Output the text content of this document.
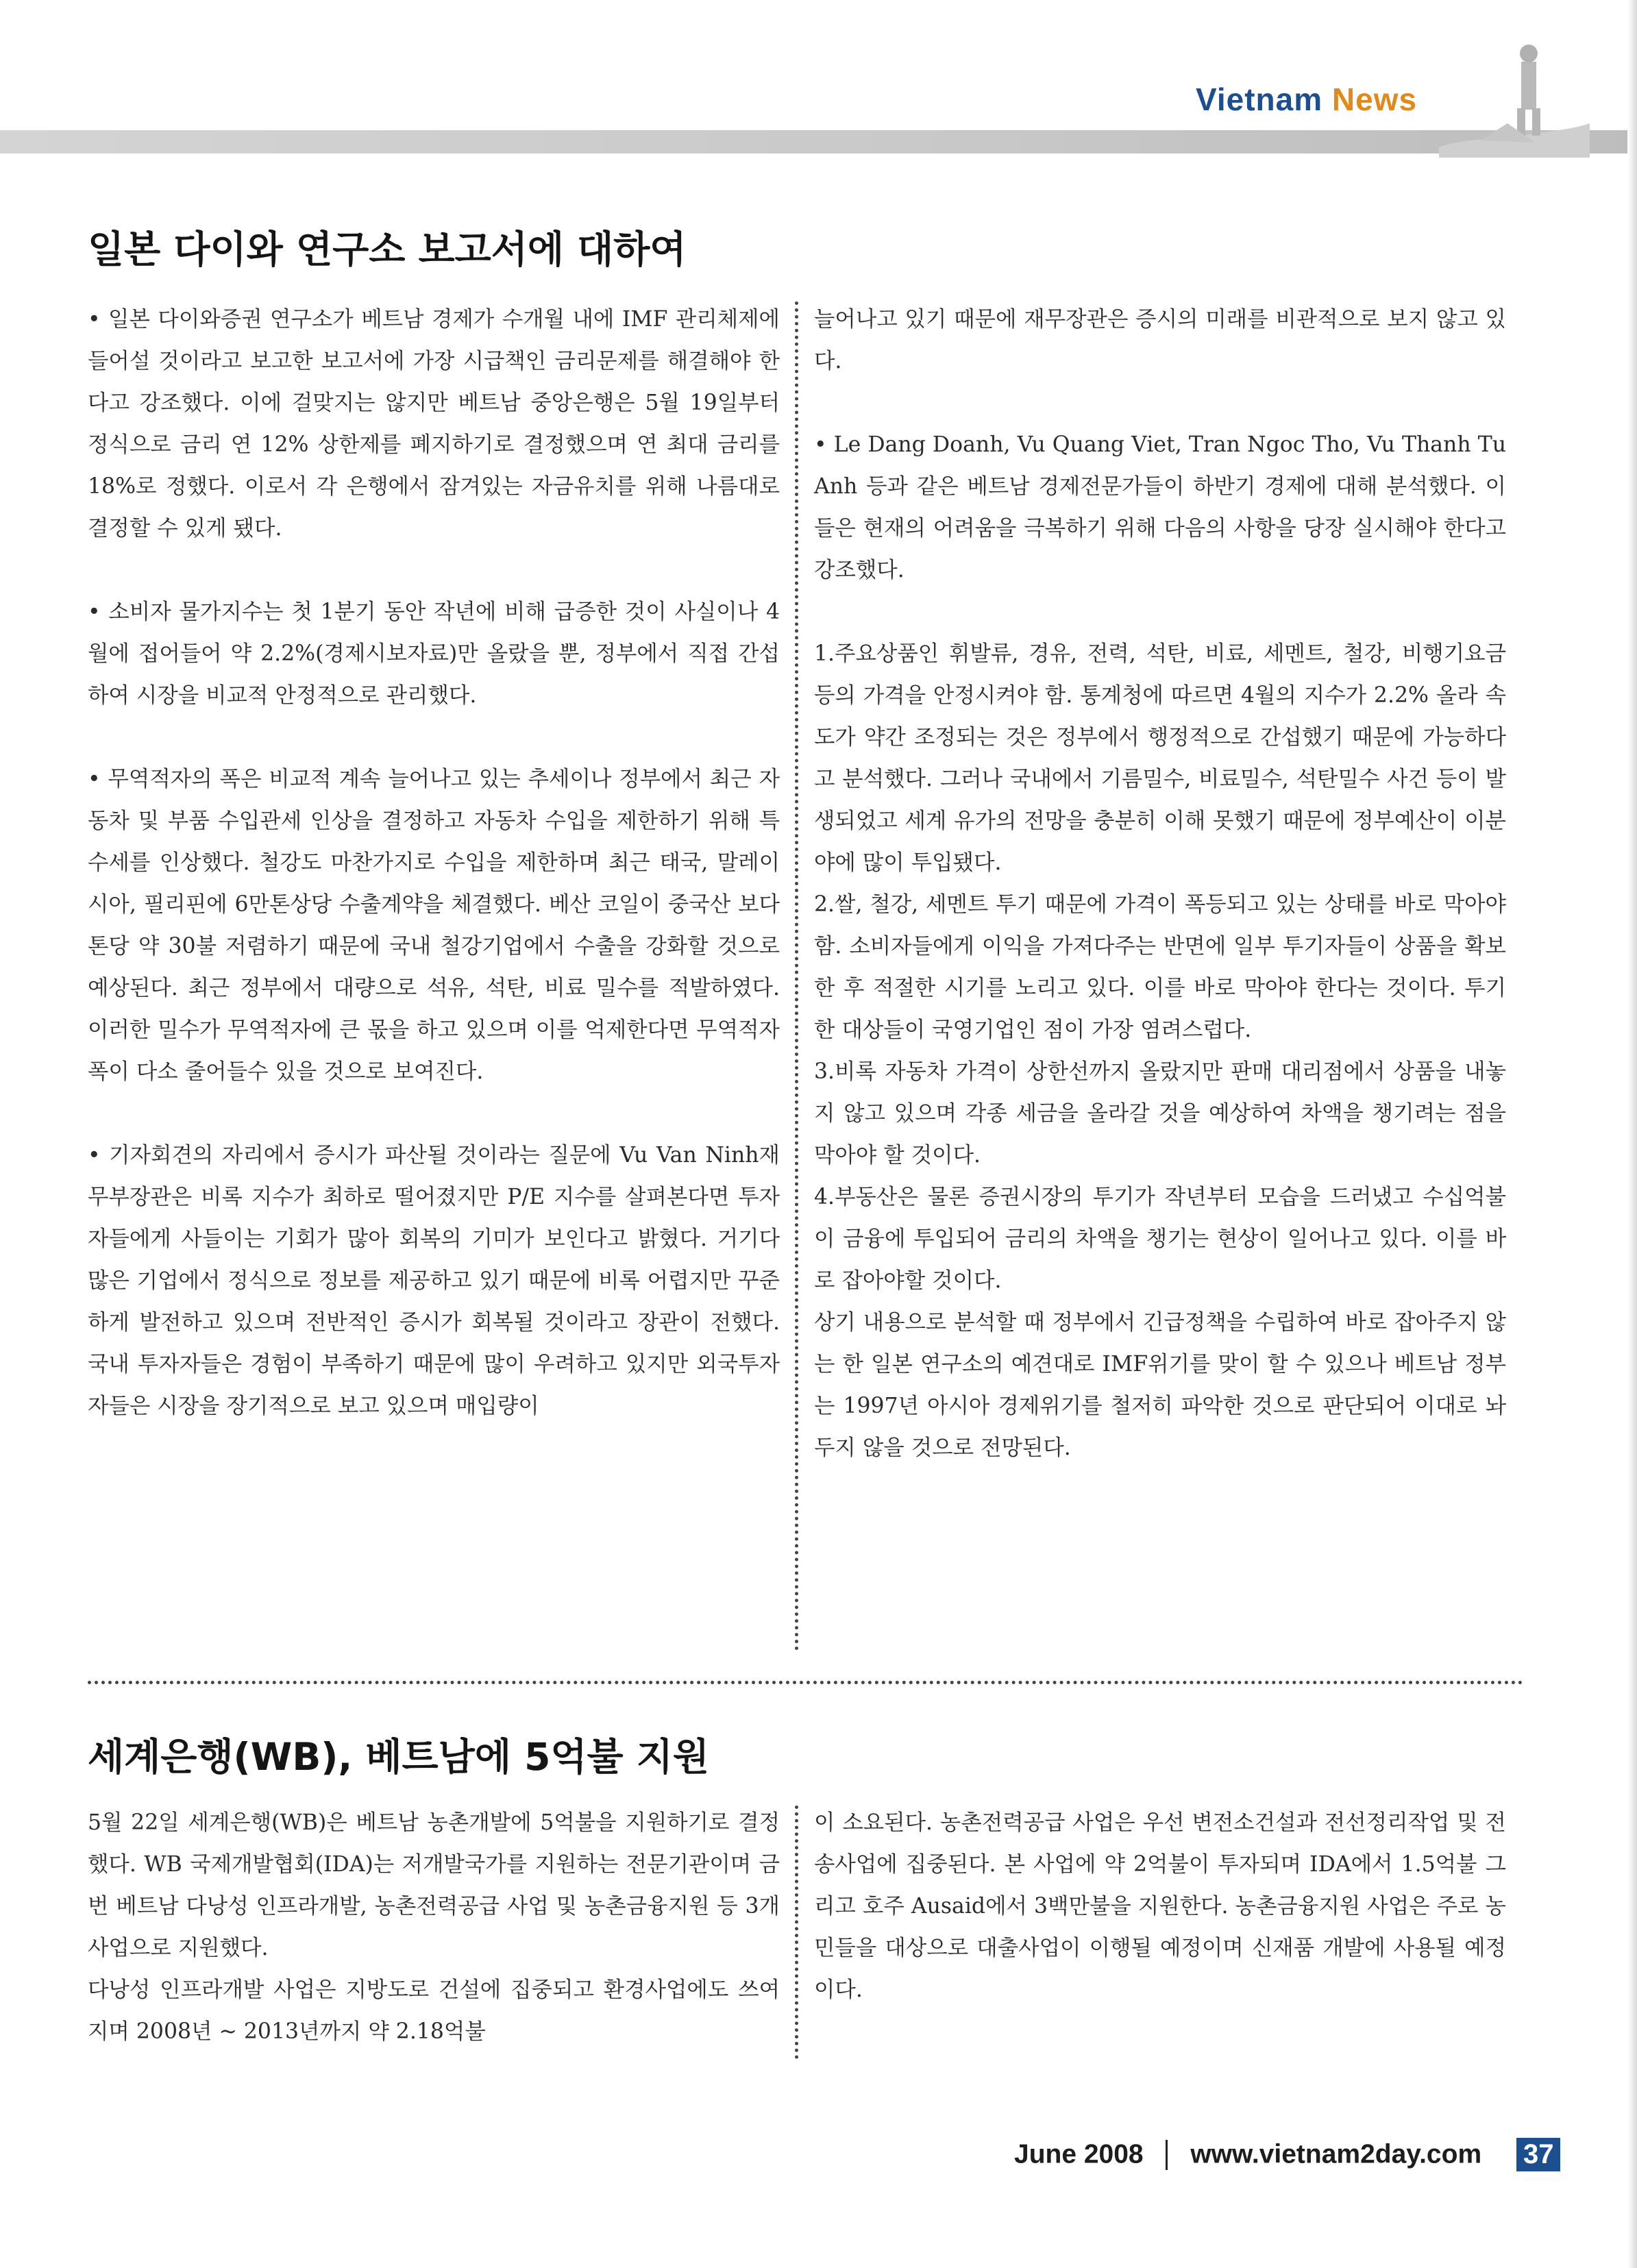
Vietnam News
일본 다이와 연구소 보고서에 대하여

• 일본 다이와증권 연구소가 베트남 경제가 수개월 내에 IMF 관리체제에 들어설 것이라고 보고한 보고서에 가장 시급책인 금리문제를 해결해야 한다고 강조했다. 이에 걸맞지는 않지만 베트남 중앙은행은 5월 19일부터 정식으로 금리 연 12% 상한제를 폐지하기로 결정했으며 연 최대 금리를 18%로 정했다. 이로서 각 은행에서 잠겨있는 자금유치를 위해 나름대로 결정할 수 있게 됐다.

• 소비자 물가지수는 첫 1분기 동안 작년에 비해 급증한 것이 사실이나 4월에 접어들어 약 2.2%(경제시보자료)만 올랐을 뿐, 정부에서 직접 간섭하여 시장을 비교적 안정적으로 관리했다.

• 무역적자의 폭은 비교적 계속 늘어나고 있는 추세이나 정부에서 최근 자동차 및 부품 수입관세 인상을 결정하고 자동차 수입을 제한하기 위해 특수세를 인상했다. 철강도 마찬가지로 수입을 제한하며 최근 태국, 말레이시아, 필리핀에 6만톤상당 수출계약을 체결했다. 베산 코일이 중국산 보다 톤당 약 30불 저렴하기 때문에 국내 철강기업에서 수출을 강화할 것으로 예상된다. 최근 정부에서 대량으로 석유, 석탄, 비료 밀수를 적발하였다. 이러한 밀수가 무역적자에 큰 몫을 하고 있으며 이를 억제한다면 무역적자 폭이 다소 줄어들수 있을 것으로 보여진다.

• 기자회견의 자리에서 증시가 파산될 것이라는 질문에 Vu Van Ninh재무부장관은 비록 지수가 최하로 떨어졌지만 P/E 지수를 살펴본다면 투자자들에게 사들이는 기회가 많아 회복의 기미가 보인다고 밝혔다. 거기다 많은 기업에서 정식으로 정보를 제공하고 있기 때문에 비록 어렵지만 꾸준하게 발전하고 있으며 전반적인 증시가 회복될 것이라고 장관이 전했다. 국내 투자자들은 경험이 부족하기 때문에 많이 우려하고 있지만 외국투자자들은 시장을 장기적으로 보고 있으며 매입량이

늘어나고 있기 때문에 재무장관은 증시의 미래를 비관적으로 보지 않고 있다.

• Le Dang Doanh, Vu Quang Viet, Tran Ngoc Tho, Vu Thanh Tu Anh 등과 같은 베트남 경제전문가들이 하반기 경제에 대해 분석했다. 이들은 현재의 어려움을 극복하기 위해 다음의 사항을 당장 실시해야 한다고 강조했다.

1.주요상품인 휘발류, 경유, 전력, 석탄, 비료, 세멘트, 철강, 비행기요금 등의 가격을 안정시켜야 함. 통계청에 따르면 4월의 지수가 2.2% 올라 속도가 약간 조정되는 것은 정부에서 행정적으로 간섭했기 때문에 가능하다고 분석했다. 그러나 국내에서 기름밀수, 비료밀수, 석탄밀수 사건 등이 발생되었고 세계 유가의 전망을 충분히 이해 못했기 때문에 정부예산이 이분야에 많이 투입됐다.

2.쌀, 철강, 세멘트 투기 때문에 가격이 폭등되고 있는 상태를 바로 막아야 함. 소비자들에게 이익을 가져다주는 반면에 일부 투기자들이 상품을 확보한 후 적절한 시기를 노리고 있다. 이를 바로 막아야 한다는 것이다. 투기한 대상들이 국영기업인 점이 가장 염려스럽다.

3.비록 자동차 가격이 상한선까지 올랐지만 판매 대리점에서 상품을 내놓지 않고 있으며 각종 세금을 올라갈 것을 예상하여 차액을 챙기려는 점을 막아야 할 것이다.

4.부동산은 물론 증권시장의 투기가 작년부터 모습을 드러냈고 수십억불이 금융에 투입되어 금리의 차액을 챙기는 현상이 일어나고 있다. 이를 바로 잡아야할 것이다.

상기 내용으로 분석할 때 정부에서 긴급정책을 수립하여 바로 잡아주지 않는 한 일본 연구소의 예견대로 IMF위기를 맞이 할 수 있으나 베트남 정부는 1997년 아시아 경제위기를 철저히 파악한 것으로 판단되어 이대로 놔두지 않을 것으로 전망된다.

세계은행(WB), 베트남에 5억불 지원

5월 22일 세계은행(WB)은 베트남 농촌개발에 5억불을 지원하기로 결정했다. WB 국제개발협회(IDA)는 저개발국가를 지원하는 전문기관이며 금번 베트남 다낭성 인프라개발, 농촌전력공급 사업 및 농촌금융지원 등 3개 사업으로 지원했다.

다낭성 인프라개발 사업은 지방도로 건설에 집중되고 환경사업에도 쓰여지며 2008년 ~ 2013년까지 약 2.18억불

이 소요된다. 농촌전력공급 사업은 우선 변전소건설과 전선정리작업 및 전송사업에 집중된다. 본 사업에 약 2억불이 투자되며 IDA에서 1.5억불 그리고 호주 Ausaid에서 3백만불을 지원한다. 농촌금융지원 사업은 주로 농민들을 대상으로 대출사업이 이행될 예정이며 신재품 개발에 사용될 예정이다.

June 2008 www.vietnam2day.com 37
